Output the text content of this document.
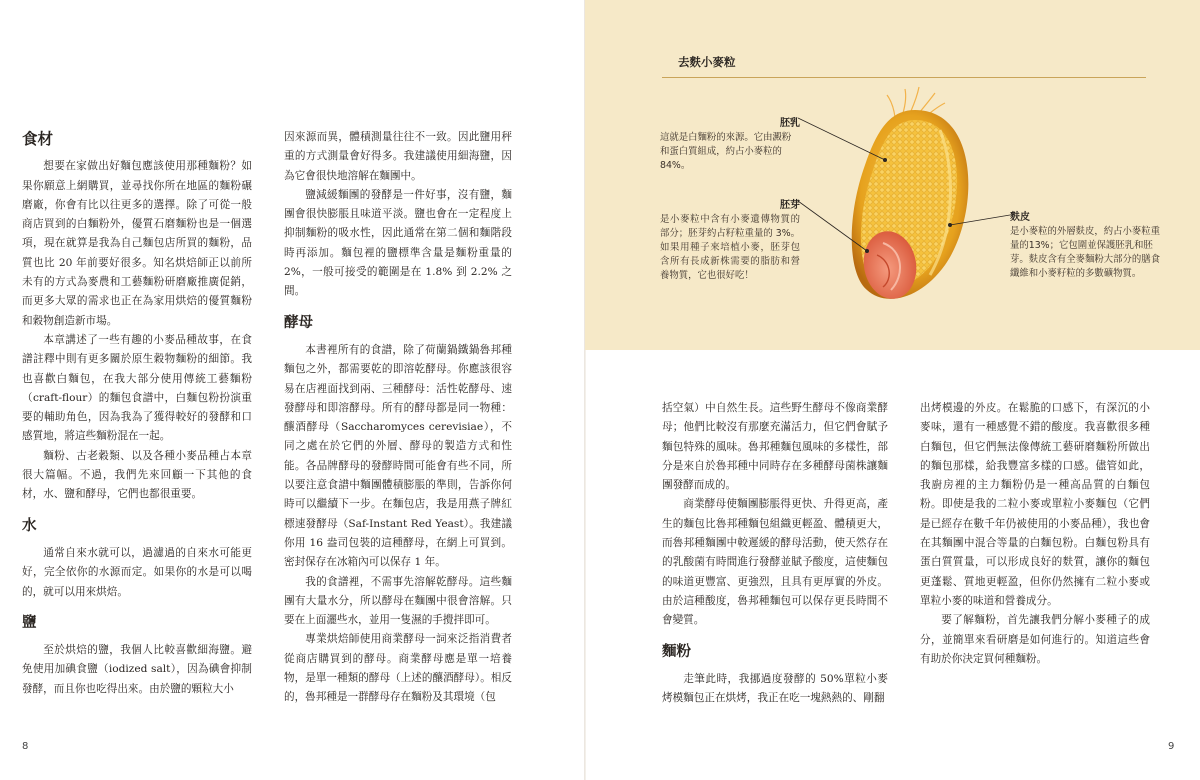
食材

想要在家做出好麵包應該使用那種麵粉？如果你願意上網購買，並尋找你所在地區的麵粉碾磨廠，你會有比以往更多的選擇。除了可從一般商店買到的白麵粉外，優質石磨麵粉也是一個選項，現在就算是我為自己麵包店所買的麵粉，品質也比 20 年前要好很多。知名烘焙師正以前所未有的方式為麥農和工藝麵粉研磨廠推廣促銷，而更多大眾的需求也正在為家用烘焙的優質麵粉和穀物創造新市場。

本章講述了一些有趣的小麥品種故事，在食譜註釋中則有更多關於原生穀物麵粉的細節。我也喜歡白麵包，在我大部分使用傳統工藝麵粉（craft-flour）的麵包食譜中，白麵包粉扮演重要的輔助角色，因為我為了獲得較好的發酵和口感質地，將這些麵粉混在一起。

麵粉、古老穀類、以及各種小麥品種占本章很大篇幅。不過，我們先來回顧一下其他的食材，水、鹽和酵母，它們也都很重要。

水

通常自來水就可以，過濾過的自來水可能更好，完全依你的水源而定。如果你的水是可以喝的，就可以用來烘焙。

鹽

至於烘焙的鹽，我個人比較喜歡細海鹽。避免使用加碘食鹽（iodized salt），因為碘會抑制發酵，而且你也吃得出來。由於鹽的顆粒大小

因來源而異，體積測量往往不一致。因此鹽用秤重的方式測量會好得多。我建議使用細海鹽，因為它會很快地溶解在麵團中。

鹽減緩麵團的發酵是一件好事，沒有鹽，麵團會很快膨脹且味道平淡。鹽也會在一定程度上抑制麵粉的吸水性，因此通常在第二個和麵階段時再添加。麵包裡的鹽標準含量是麵粉重量的 2%，一般可接受的範圍是在 1.8% 到 2.2% 之間。

酵母

本書裡所有的食譜，除了荷蘭鍋鐵鍋魯邦種麵包之外，都需要乾的即溶乾酵母。你應該很容易在店裡面找到兩、三種酵母：活性乾酵母、速發酵母和即溶酵母。所有的酵母都是同一物種：釀酒酵母（Saccharomyces cerevisiae），不同之處在於它們的外層、酵母的製造方式和性能。各品牌酵母的發酵時間可能會有些不同，所以要注意食譜中麵團體積膨脹的準則，告訴你何時可以繼續下一步。在麵包店，我是用燕子牌紅標速發酵母（Saf-Instant Red Yeast）。我建議你用 16 盎司包裝的這種酵母，在網上可買到。密封保存在冰箱內可以保存 1 年。

我的食譜裡，不需事先溶解乾酵母。這些麵團有大量水分，所以酵母在麵團中很會溶解。只要在上面灑些水，並用一隻濕的手攪拌即可。

專業烘焙師使用商業酵母一詞來泛指消費者從商店購買到的酵母。商業酵母應是單一培養物，是單一種類的酵母（上述的釀酒酵母）。相反的，魯邦種是一群酵母存在麵粉及其環境（包

8
去麩小麥粒
胚乳
這就是白麵粉的來源。它由澱粉和蛋白質組成，約占小麥粒的 84%。
胚芽
是小麥粒中含有小麥遺傳物質的部分；胚芽約占籽粒重量的 3%。如果用種子來培植小麥，胚芽包含所有長成新株需要的脂肪和營養物質，它也很好吃！
麩皮
是小麥粒的外層麩皮，約占小麥粒重量的13%；它包圍並保護胚乳和胚芽。麩皮含有全麥麵粉大部分的膳食纖維和小麥籽粒的多數礦物質。

括空氣）中自然生長。這些野生酵母不像商業酵母；他們比較沒有那麼充滿活力，但它們會賦予麵包特殊的風味。魯邦種麵包風味的多樣性，部分是來自於魯邦種中同時存在多種酵母菌株讓麵團發酵而成的。

商業酵母使麵團膨脹得更快、升得更高，產生的麵包比魯邦種麵包組織更輕盈、體積更大，而魯邦種麵團中較遲緩的酵母活動，使天然存在的乳酸菌有時間進行發酵並賦予酸度，這使麵包的味道更豐富、更強烈，且具有更厚實的外皮。由於這種酸度，魯邦種麵包可以保存更長時間不會變質。

麵粉

走筆此時，我挪過度發酵的 50%單粒小麥烤模麵包正在烘烤，我正在吃一塊熱熱的、剛翻

出烤模邊的外皮。在鬆脆的口感下，有深沉的小麥味，還有一種感覺不錯的酸度。我喜歡很多種白麵包，但它們無法像傳統工藝研磨麵粉所做出的麵包那樣，給我豐富多樣的口感。儘管如此，我廚房裡的主力麵粉仍是一種高品質的白麵包粉。即使是我的二粒小麥或單粒小麥麵包（它們是已經存在數千年仍被使用的小麥品種），我也會在其麵團中混合等量的白麵包粉。白麵包粉具有蛋白質質量，可以形成良好的麩質，讓你的麵包更蓬鬆、質地更輕盈，但你仍然擁有二粒小麥或單粒小麥的味道和營養成分。

要了解麵粉，首先讓我們分解小麥種子的成分，並簡單來看研磨是如何進行的。知道這些會有助於你決定買何種麵粉。

9
